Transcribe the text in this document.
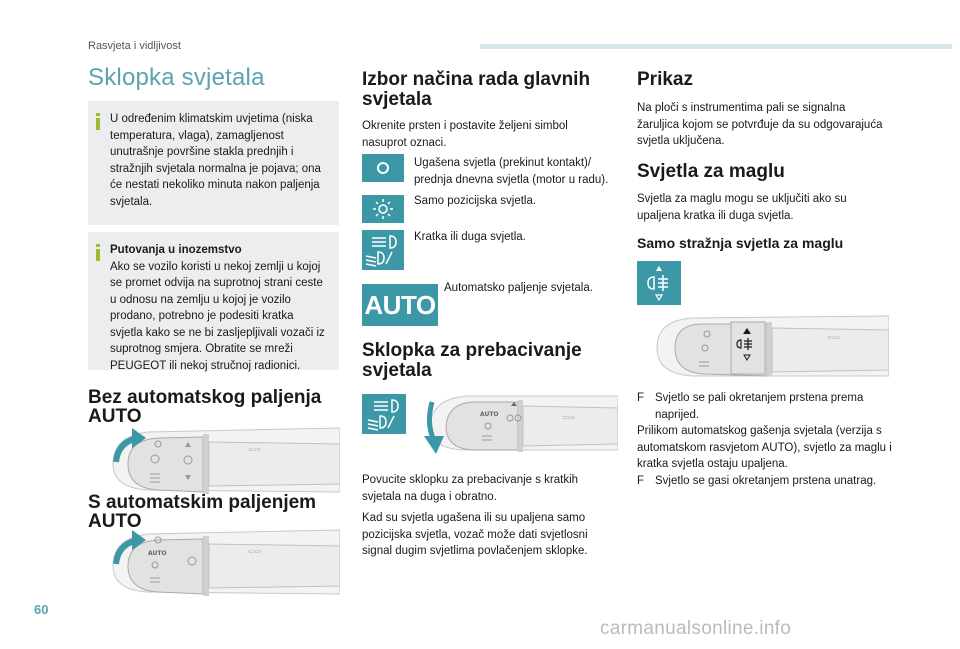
Rasvjeta i vidljivost
Sklopka svjetala
U određenim klimatskim uvjetima (niska temperatura, vlaga), zamagljenost unutrašnje površine stakla prednjih i stražnjih svjetala normalna je pojava; ona će nestati nekoliko minuta nakon paljenja svjetala.
Putovanja u inozemstvo
Ako se vozilo koristi u nekoj zemlji u kojoj se promet odvija na suprotnoj strani ceste u odnosu na zemlju u kojoj je vozilo prodano, potrebno je podesiti kratka svjetla kako se ne bi zasljepljivali vozači iz suprotnog smjera. Obratite se mreži PEUGEOT ili nekoj stručnoj radionici.
Bez automatskog paljenja AUTO
⇦⇨
S automatskim paljenjem AUTO
AUTO	⇦⇨
Izbor načina rada glavnih svjetala
Okrenite prsten i postavite željeni simbol nasuprot oznaci.
Ugašena svjetla (prekinut kontakt)/ prednja dnevna svjetla (motor u radu).
Samo pozicijska svjetla.
Kratka ili duga svjetla.
AUTO
Automatsko paljenje svjetala.
Sklopka za prebacivanje svjetala
AUTO	⇦⇨
Povucite sklopku za prebacivanje s kratkih svjetala na duga i obratno.
Kad su svjetla ugašena ili su upaljena samo pozicijska svjetla, vozač može dati svjetlosni signal dugim svjetlima povlačenjem sklopke.
Prikaz
Na ploči s instrumentima pali se signalna žaruljica kojom se potvrđuje da su odgovarajuća svjetla uključena.
Svjetla za maglu
Svjetla za maglu mogu se uključiti ako su upaljena kratka ili duga svjetla.
Samo stražnja svjetla za maglu
⇦⇨
F Svjetlo se pali okretanjem prstena prema naprijed.
Prilikom automatskog gašenja svjetala (verzija s automatskom rasvjetom AUTO), svjetlo za maglu i kratka svjetla ostaju upaljena.
F Svjetlo se gasi okretanjem prstena unatrag.
60
carmanualsonline.info
